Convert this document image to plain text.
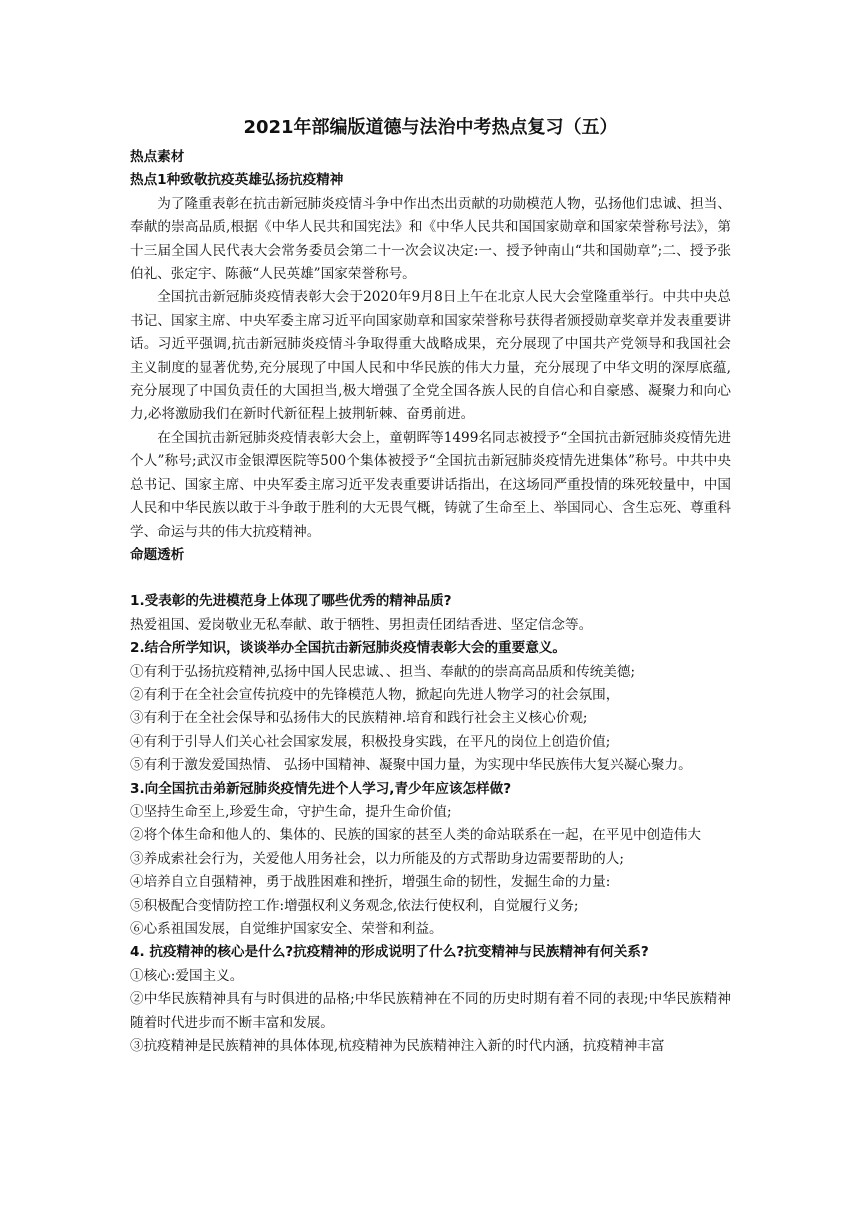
2021年部编版道德与法治中考热点复习（五）
热点素材
热点1种致敬抗疫英雄弘扬抗疫精神
为了隆重表彰在抗击新冠肺炎疫情斗争中作出杰出贡献的功勋模范人物，弘扬他们忠诚、担当、奉献的崇高品质,根据《中华人民共和国宪法》和《中华人民共和国国家勋章和国家荣誉称号法》，第十三届全国人民代表大会常务委员会第二十一次会议决定:一、授予钟南山“共和国勋章”;二、授予张伯礼、张定宇、陈薇“人民英雄”国家荣誉称号。
全国抗击新冠肺炎疫情表彰大会于2020年9月8日上午在北京人民大会堂隆重举行。中共中央总书记、国家主席、中央军委主席习近平向国家勋章和国家荣誉称号获得者颁授勋章奖章并发表重要讲话。习近平强调,抗击新冠肺炎疫情斗争取得重大战略成果，充分展现了中国共产党领导和我国社会主义制度的显著优势,充分展现了中国人民和中华民族的伟大力量，充分展现了中华文明的深厚底蕴,充分展现了中国负责任的大国担当,极大增强了全党全国各族人民的自信心和自豪感、凝聚力和向心力,必将激励我们在新时代新征程上披荆斩棘、奋勇前进。
在全国抗击新冠肺炎疫情表彰大会上，童朝晖等1499名同志被授予“全国抗击新冠肺炎疫情先进个人”称号;武汉市金银潭医院等500个集体被授予“全国抗击新冠肺炎疫情先进集体”称号。中共中央总书记、国家主席、中央军委主席习近平发表重要讲话指出，在这场同严重投情的珠死较量中，中国人民和中华民族以敢于斗争敢于胜利的大无畏气概，铸就了生命至上、举国同心、含生忘死、尊重科学、命运与共的伟大抗疫精神。
命题透析
1.受表彰的先进模范身上体现了哪些优秀的精神品质?
热爱祖国、爱岗敬业无私奉献、敢于牺牲、男担责任团结香进、坚定信念等。
2.结合所学知识，谈谈举办全国抗击新冠肺炎疫情表彰大会的重要意义。
①有利于弘扬抗疫精神,弘扬中国人民忠诚、、担当、奉献的的崇高高品质和传统美德;
②有利于在全社会宣传抗疫中的先锋模范人物，掀起向先进人物学习的社会氛围，
③有利于在全社会保导和弘扬伟大的民族精神.培育和践行社会主义核心价观;
④有利于引导人们关心社会国家发展，积极投身实践，在平凡的岗位上创造价值;
⑤有利于激发爱国热情、 弘扬中国精神、凝聚中国力量，为实现中华民族伟大复兴凝心聚力。
3.向全国抗击弟新冠肺炎疫情先进个人学习,青少年应该怎样做?
①坚持生命至上,珍爱生命，守护生命，提升生命价值;
②将个体生命和他人的、集体的、民族的国家的甚至人类的命站联系在一起，在平见中创造伟大
③养成索社会行为，关爱他人用务社会，以力所能及的方式帮助身边需要帮助的人;
④培养自立自强精神，勇于战胜困难和挫折，增强生命的韧性，发掘生命的力量:
⑤积极配合变情防控工作:增强权利义务观念,依法行使权利，自觉履行义务;
⑥心系祖国发展，自觉维护国家安全、荣誉和利益。
4. 抗疫精神的核心是什么?抗疫精神的形成说明了什么?抗变精神与民族精神有何关系?
①核心:爱国主义。
②中华民族精神具有与时俱进的品格;中华民族精神在不同的历史时期有着不同的表现;中华民族精神随着时代进步而不断丰富和发展。
③抗疫精神是民族精神的具体体现,杭疫精神为民族精神注入新的时代内涵，抗疫精神丰富
